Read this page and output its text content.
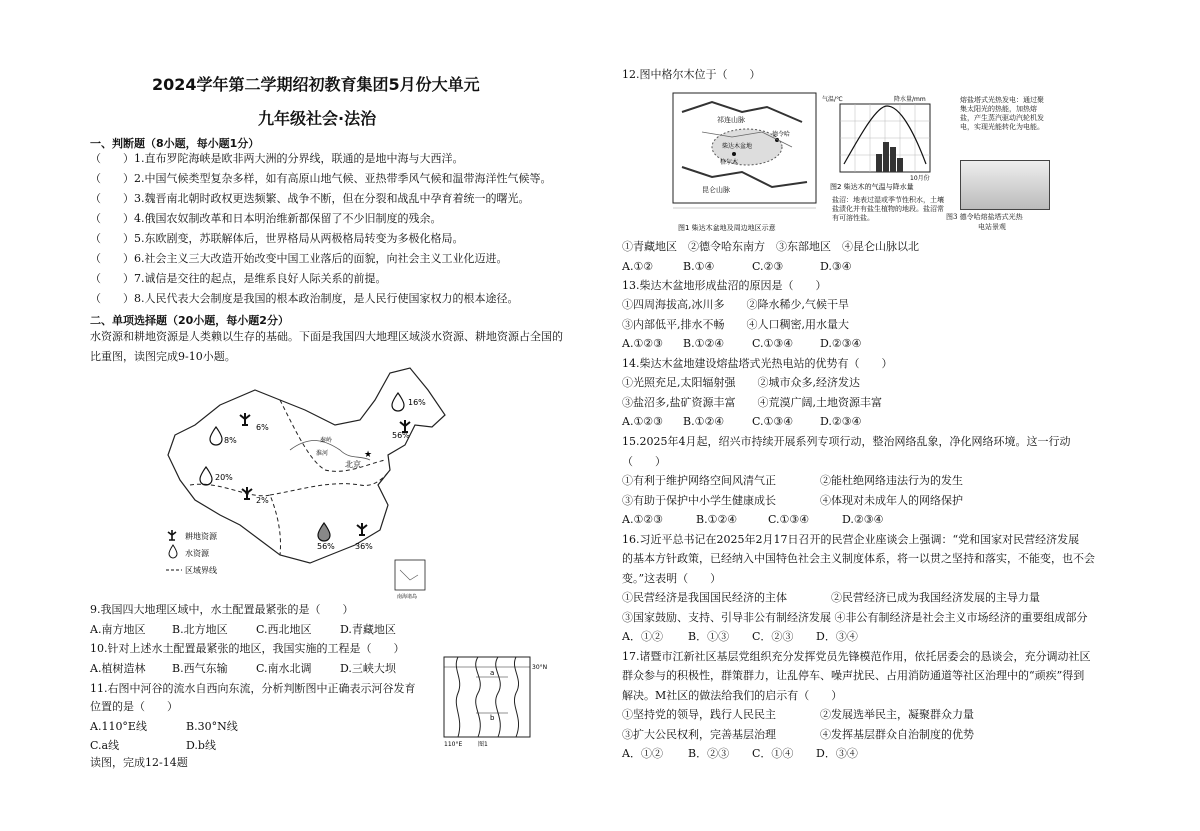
2024学年第二学期绍初教育集团5月份大单元
九年级社会·法治
一、判断题（8小题，每小题1分）
（　　）1.直布罗陀海峡是欧非两大洲的分界线，联通的是地中海与大西洋。
（　　）2.中国气候类型复杂多样，如有高原山地气候、亚热带季风气候和温带海洋性气候等。
（　　）3.魏晋南北朝时政权更迭频繁、战争不断，但在分裂和战乱中孕育着统一的曙光。
（　　）4.俄国农奴制改革和日本明治维新都保留了不少旧制度的残余。
（　　）5.东欧剧变，苏联解体后，世界格局从两极格局转变为多极化格局。
（　　）6.社会主义三大改造开始改变中国工业落后的面貌，向社会主义工业化迈进。
（　　）7.诚信是交往的起点，是维系良好人际关系的前提。
（　　）8.人民代表大会制度是我国的根本政治制度，是人民行使国家权力的根本途径。
二、单项选择题（20小题，每小题2分）
水资源和耕地资源是人类赖以生存的基础。下面是我国四大地理区域淡水资源、耕地资源占全国的
比重图，读图完成9-10小题。
★
8%
6%
16%
56%
20%
2%
56%	36%
秦岭
淮河
北京
南海诸岛
耕地资源
水资源
区域界线
9.我国四大地理区域中，水土配置最紧张的是（　　）
A.南方地区 B.北方地区	C.西北地区	D.青藏地区
10.针对上述水土配置最紧张的地区，我国实施的工程是（　　）
A.植树造林 B.西气东输	C.南水北调	D.三峡大坝
11.右图中河谷的流水自西向东流，分析判断图中正确表示河谷发育
位置的是（　　）
A.110°E线	B.30°N线
C.a线	D.b线
读图，完成12-14题
a
b
30°N
110°E	图1
12.图中格尔木位于（　　）
祁连山脉
昆仑山脉
柴达木盆地
格尔木
德令哈
图1 柴达木盆地及周边地区示意
气温/℃	降水量/mm
10月份
图2 柴达木的气温与降水量
盐沼：地表过湿或季节性积水，土壤盐渍化并有盐生植物的地段。盐沼常有可溶性盐。
熔盐塔式光热发电：通过聚集太阳光的热能，加热熔盐，产生蒸汽驱动汽轮机发电，实现光能转化为电能。
图3 德令哈熔盐塔式光热
电站景观
①青藏地区　②德令哈东南方　③东部地区　④昆仑山脉以北
A.①②	B.①④	C.②③	D.③④
13.柴达木盆地形成盐沼的原因是（　　）
①四周海拔高,冰川多　　②降水稀少,气候干旱
③内部低平,排水不畅　　④人口稠密,用水量大
A.①②③ B.①②④	C.①③④ D.②③④
14.柴达木盆地建设熔盐塔式光热电站的优势有（　　）
①光照充足,太阳辐射强　　②城市众多,经济发达
③盐沼多,盐矿资源丰富　　④荒漠广阔,土地资源丰富
A.①②③ B.①②④	C.①③④ D.②③④
15.2025年4月起，绍兴市持续开展系列专项行动，整治网络乱象，净化网络环境。这一行动
（　　）
①有利于维护网络空间风清气正　　　　②能杜绝网络违法行为的发生
③有助于保护中小学生健康成长　　　　④体现对未成年人的网络保护
A.①②③	B.①②④	C.①③④	D.②③④
16.习近平总书记在2025年2月17日召开的民营企业座谈会上强调：“党和国家对民营经济发展
的基本方针政策，已经纳入中国特色社会主义制度体系，将一以贯之坚持和落实，不能变，也不会
变。”这表明（　　）
①民营经济是我国国民经济的主体　　　　②民营经济已成为我国经济发展的主导力量
③国家鼓励、支持、引导非公有制经济发展 ④非公有制经济是社会主义市场经济的重要组成部分
A．①② B．①③ C．②③ D．③④
17.诸暨市江新社区基层党组织充分发挥党员先锋模范作用，依托居委会的恳谈会，充分调动社区
群众参与的积极性，群策群力，让乱停车、噪声扰民、占用消防通道等社区治理中的“顽疾”得到
解决。M社区的做法给我们的启示有（　　）
①坚持党的领导，践行人民民主　　　　②发展选举民主，凝聚群众力量
③扩大公民权利，完善基层治理　　　　④发挥基层群众自治制度的优势
A．①② B．②③ C．①④ D．③④
